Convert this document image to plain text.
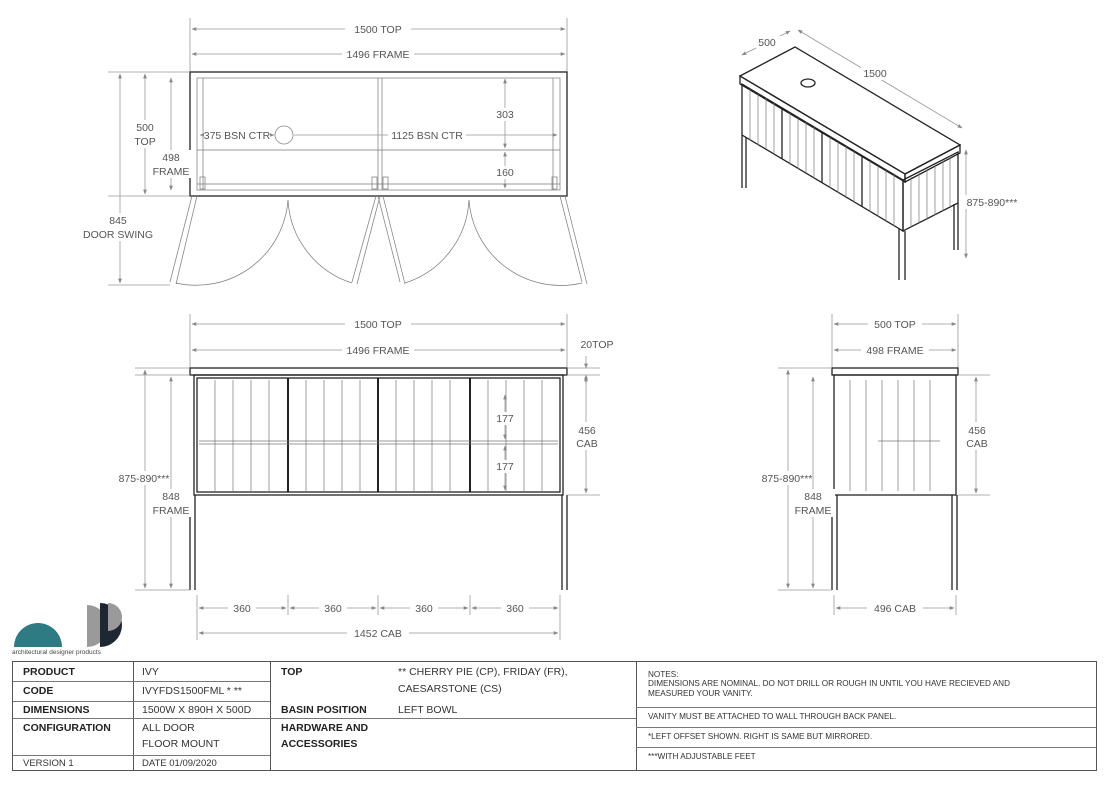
1500 TOP
1496 FRAME
375 BSN CTR	1125 BSN CTR
303
160
845
DOOR SWING
500
TOP
498
FRAME
500
1500
875-890***
1500 TOP
1496 FRAME
177
177
20TOP
456
CAB
875-890***
848
FRAME
360	360	360	360
1452 CAB
500 TOP
498 FRAME
456
CAB
875-890***
848
FRAME
496 CAB
architectural designer products
PRODUCT	IVY
CODE	IVYFDS1500FML * **
DIMENSIONS	1500W X 890H X 500D
CONFIGURATION	ALL DOOR
FLOOR MOUNT
VERSION 1	DATE 01/09/2020
TOP	** CHERRY PIE (CP), FRIDAY (FR),
CAESARSTONE (CS)
BASIN POSITION	LEFT BOWL
HARDWARE AND
ACCESSORIES
NOTES:
DIMENSIONS ARE NOMINAL. DO NOT DRILL OR ROUGH IN UNTIL YOU HAVE RECIEVED AND
MEASURED YOUR VANITY.
VANITY MUST BE ATTACHED TO WALL THROUGH BACK PANEL.
*LEFT OFFSET SHOWN. RIGHT IS SAME BUT MIRRORED.
***WITH ADJUSTABLE FEET
